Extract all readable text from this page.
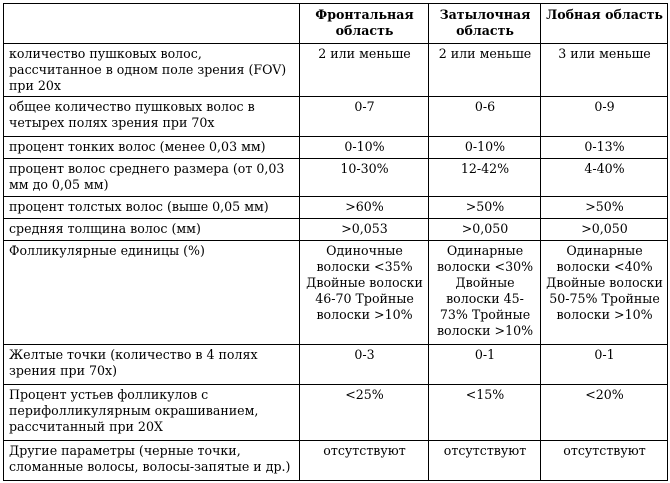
	Фронтальная область	Затылочная область	Лобная область
количество пушковых волос, рассчитанное в одном поле зрения (FOV) при 20x	2 или меньше	2 или меньше	3 или меньше
общее количество пушковых волос в четырех полях зрения при 70x	0-7	0-6	0-9
процент тонких волос (менее 0,03 мм)	0-10%	0-10%	0-13%
процент волос среднего размера (от 0,03 мм до 0,05 мм)	10-30%	12-42%	4-40%
процент толстых волос (выше 0,05 мм)	>60%	>50%	>50%
средняя толщина волос (мм)	>0,053	>0,050	>0,050
Фолликулярные единицы (%)	Одиночные волоски <35% Двойные волоски 46-70 Тройные волоски >10%	Одинарные волоски <30% Двойные волоски 45-73% Тройные волоски >10%	Одинарные волоски <40% Двойные волоски 50-75% Тройные волоски >10%
Желтые точки (количество в 4 полях зрения при 70x)	0-3	0-1	0-1
Процент устьев фолликулов с перифолликулярным окрашиванием, рассчитанный при 20X	<25%	<15%	<20%
Другие параметры (черные точки, сломанные волосы, волосы-запятые и др.)	отсутствуют	отсутствуют	отсутствуют
